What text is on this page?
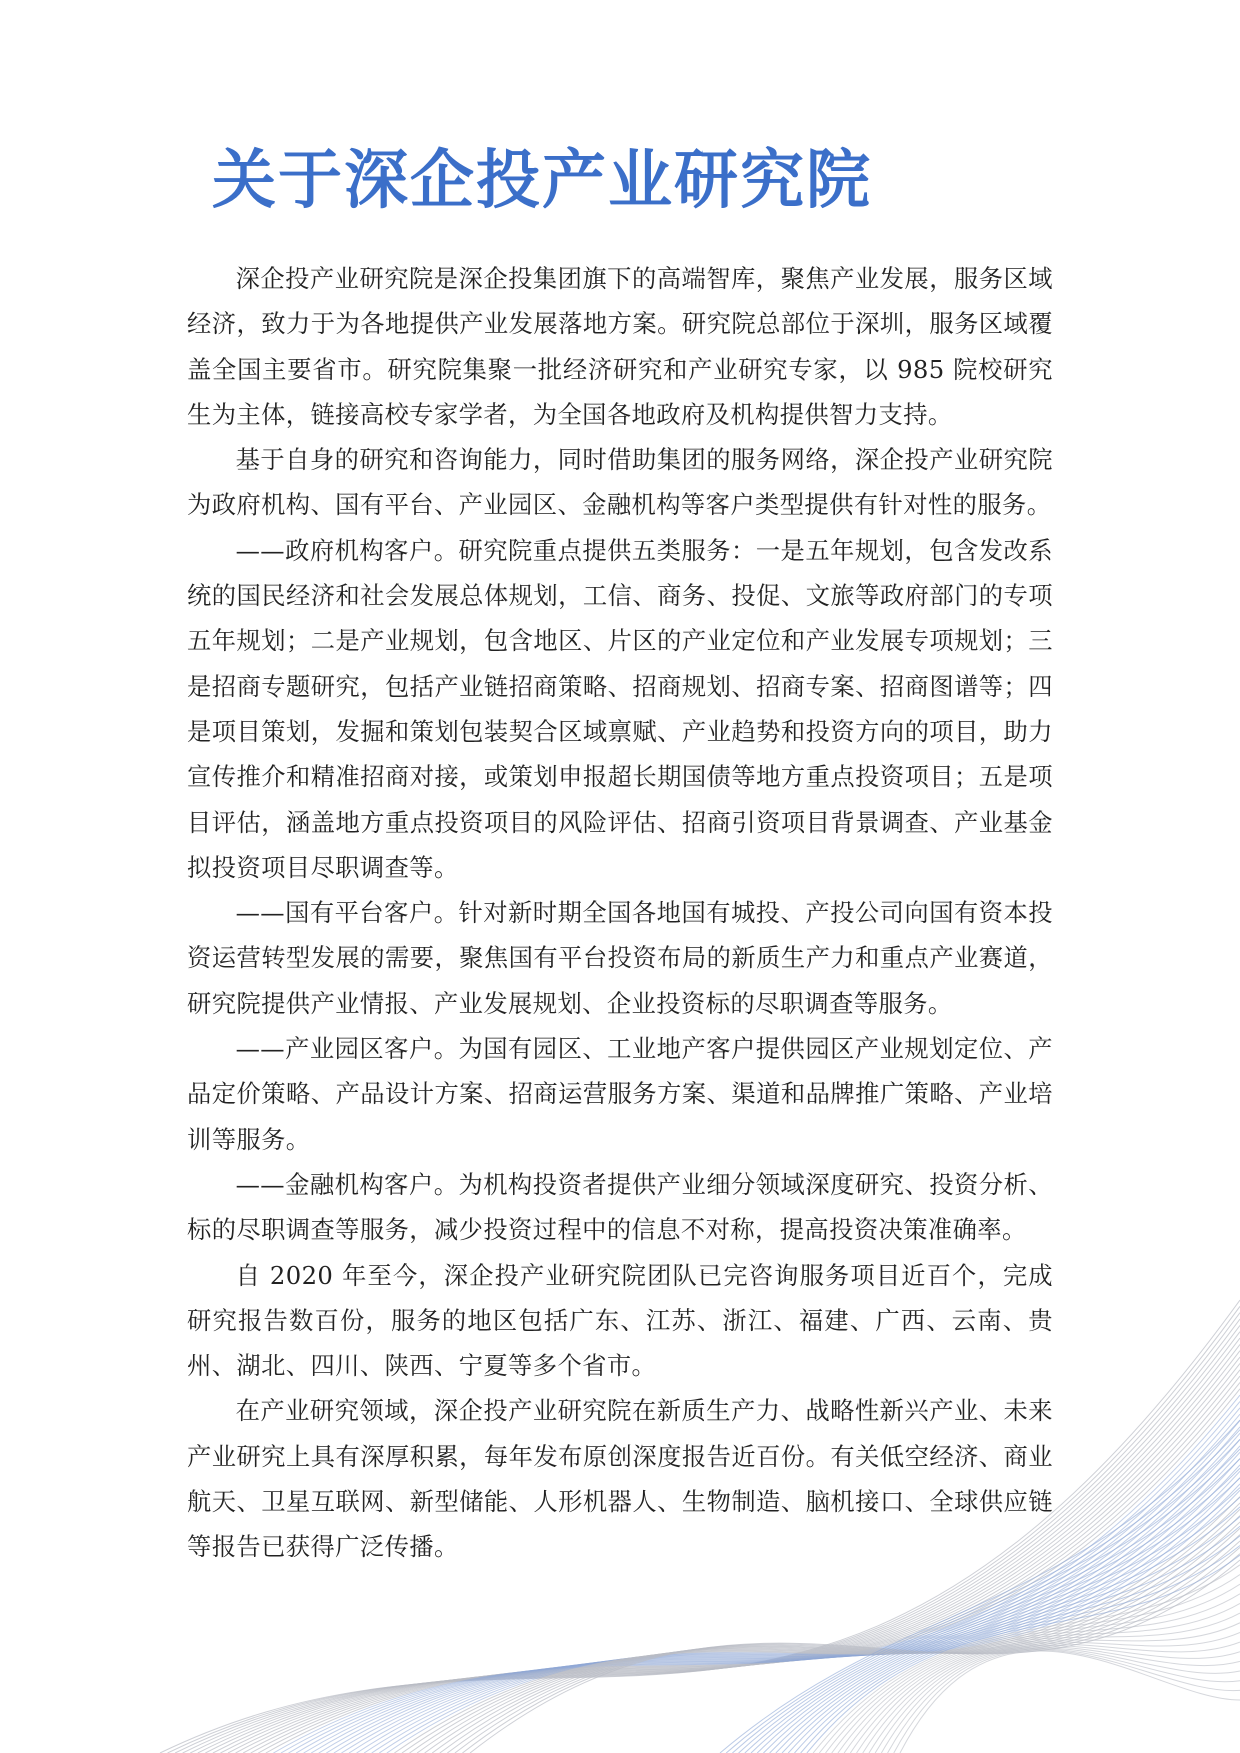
关于深企投产业研究院

深企投产业研究院是深企投集团旗下的高端智库，聚焦产业发展，服务区域经济，致力于为各地提供产业发展落地方案。研究院总部位于深圳，服务区域覆盖全国主要省市。研究院集聚一批经济研究和产业研究专家，以 985 院校研究生为主体，链接高校专家学者，为全国各地政府及机构提供智力支持。

基于自身的研究和咨询能力，同时借助集团的服务网络，深企投产业研究院为政府机构、国有平台、产业园区、金融机构等客户类型提供有针对性的服务。

——政府机构客户。研究院重点提供五类服务：一是五年规划，包含发改系统的国民经济和社会发展总体规划，工信、商务、投促、文旅等政府部门的专项五年规划；二是产业规划，包含地区、片区的产业定位和产业发展专项规划；三是招商专题研究，包括产业链招商策略、招商规划、招商专案、招商图谱等；四是项目策划，发掘和策划包装契合区域禀赋、产业趋势和投资方向的项目，助力宣传推介和精准招商对接，或策划申报超长期国债等地方重点投资项目；五是项目评估，涵盖地方重点投资项目的风险评估、招商引资项目背景调查、产业基金拟投资项目尽职调查等。

——国有平台客户。针对新时期全国各地国有城投、产投公司向国有资本投资运营转型发展的需要，聚焦国有平台投资布局的新质生产力和重点产业赛道，研究院提供产业情报、产业发展规划、企业投资标的尽职调查等服务。

——产业园区客户。为国有园区、工业地产客户提供园区产业规划定位、产品定价策略、产品设计方案、招商运营服务方案、渠道和品牌推广策略、产业培训等服务。

——金融机构客户。为机构投资者提供产业细分领域深度研究、投资分析、标的尽职调查等服务，减少投资过程中的信息不对称，提高投资决策准确率。

自 2020 年至今，深企投产业研究院团队已完咨询服务项目近百个，完成研究报告数百份，服务的地区包括广东、江苏、浙江、福建、广西、云南、贵州、湖北、四川、陕西、宁夏等多个省市。

在产业研究领域，深企投产业研究院在新质生产力、战略性新兴产业、未来产业研究上具有深厚积累，每年发布原创深度报告近百份。有关低空经济、商业航天、卫星互联网、新型储能、人形机器人、生物制造、脑机接口、全球供应链等报告已获得广泛传播。
